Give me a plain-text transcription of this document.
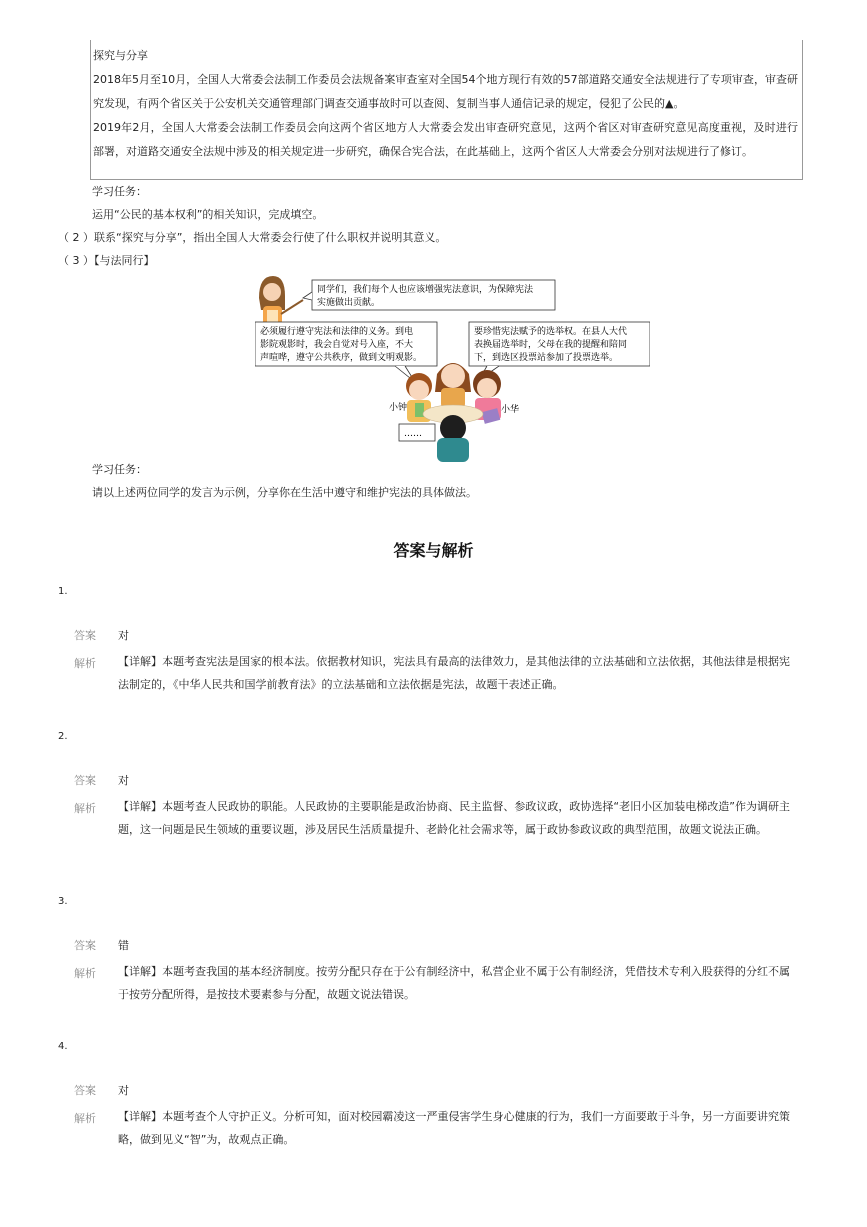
探究与分享

2018年5月至10月，全国人大常委会法制工作委员会法规备案审查室对全国54个地方现行有效的57部道路交通安全法规进行了专项审查，审查研究发现，有两个省区关于公安机关交通管理部门调查交通事故时可以查阅、复制当事人通信记录的规定，侵犯了公民的▲。

2019年2月，全国人大常委会法制工作委员会向这两个省区地方人大常委会发出审查研究意见，这两个省区对审查研究意见高度重视，及时进行部署，对道路交通安全法规中涉及的相关规定进一步研究，确保合宪合法，在此基础上，这两个省区人大常委会分别对法规进行了修订。

学习任务：
运用“公民的基本权利”的相关知识，完成填空。
（ 2 ）联系“探究与分享”，指出全国人大常委会行使了什么职权并说明其意义。
（ 3 ）【与法同行】
同学们，我们每个人也应该增强宪法意识，为保障宪法
实施做出贡献。
必须履行遵守宪法和法律的义务。到电
影院观影时，我会自觉对号入座，不大
声喧哗，遵守公共秩序，做到文明观影。
要珍惜宪法赋予的选举权。在县人大代
表换届选举时，父母在我的提醒和陪同
下，到选区投票站参加了投票选举。
小钟	小华
……
学习任务：
请以上述两位同学的发言为示例，分享你在生活中遵守和维护宪法的具体做法。
答案与解析
1.
答案 对
解析 【详解】本题考查宪法是国家的根本法。依据教材知识，宪法具有最高的法律效力，是其他法律的立法基础和立法依据，其他法律是根据宪法制定的，《中华人民共和国学前教育法》的立法基础和立法依据是宪法，故题干表述正确。
2.
答案 对
解析 【详解】本题考查人民政协的职能。人民政协的主要职能是政治协商、民主监督、参政议政，政协选择“老旧小区加装电梯改造”作为调研主题，这一问题是民生领域的重要议题，涉及居民生活质量提升、老龄化社会需求等，属于政协参政议政的典型范围，故题文说法正确。
3.
答案 错
解析 【详解】本题考查我国的基本经济制度。按劳分配只存在于公有制经济中，私营企业不属于公有制经济，凭借技术专利入股获得的分红不属于按劳分配所得，是按技术要素参与分配，故题文说法错误。
4.
答案 对
解析 【详解】本题考查个人守护正义。分析可知，面对校园霸凌这一严重侵害学生身心健康的行为，我们一方面要敢于斗争，另一方面要讲究策略，做到见义“智”为，故观点正确。
